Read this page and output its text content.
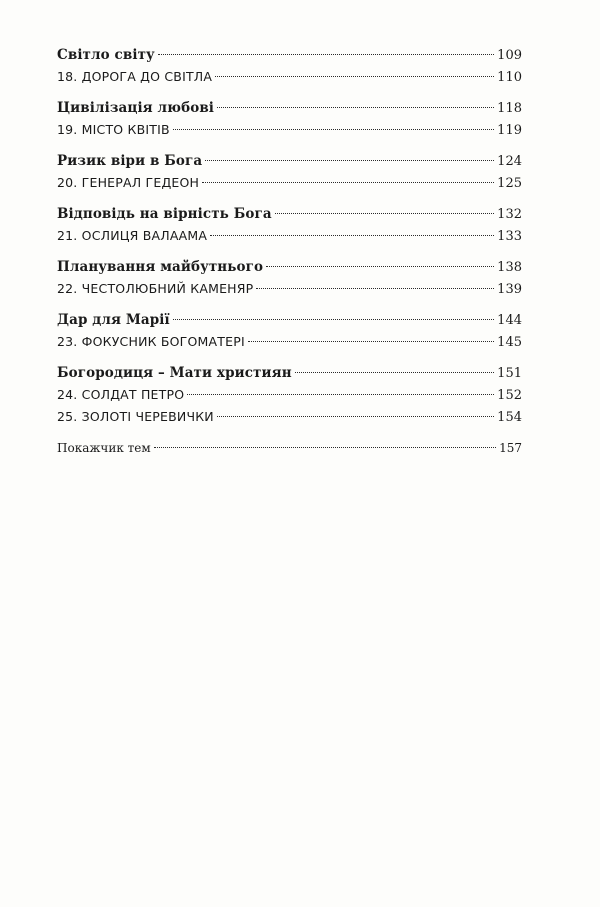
Світло світу	109
18. ДОРОГА ДО СВІТЛА	110
Цивілізація любові	118
19. МІСТО КВІТІВ	119
Ризик віри в Бога	124
20. ГЕНЕРАЛ ГЕДЕОН	125
Відповідь на вірність Бога	132
21. ОСЛИЦЯ ВАЛААМА	133
Планування майбутнього	138
22. ЧЕСТОЛЮБНИЙ КАМЕНЯР	139
Дар для Марії	144
23. ФОКУСНИК БОГОМАТЕРІ	145
Богородиця – Мати християн	151
24. СОЛДАТ ПЕТРО	152
25. ЗОЛОТІ ЧЕРЕВИЧКИ	154
Покажчик тем	157
